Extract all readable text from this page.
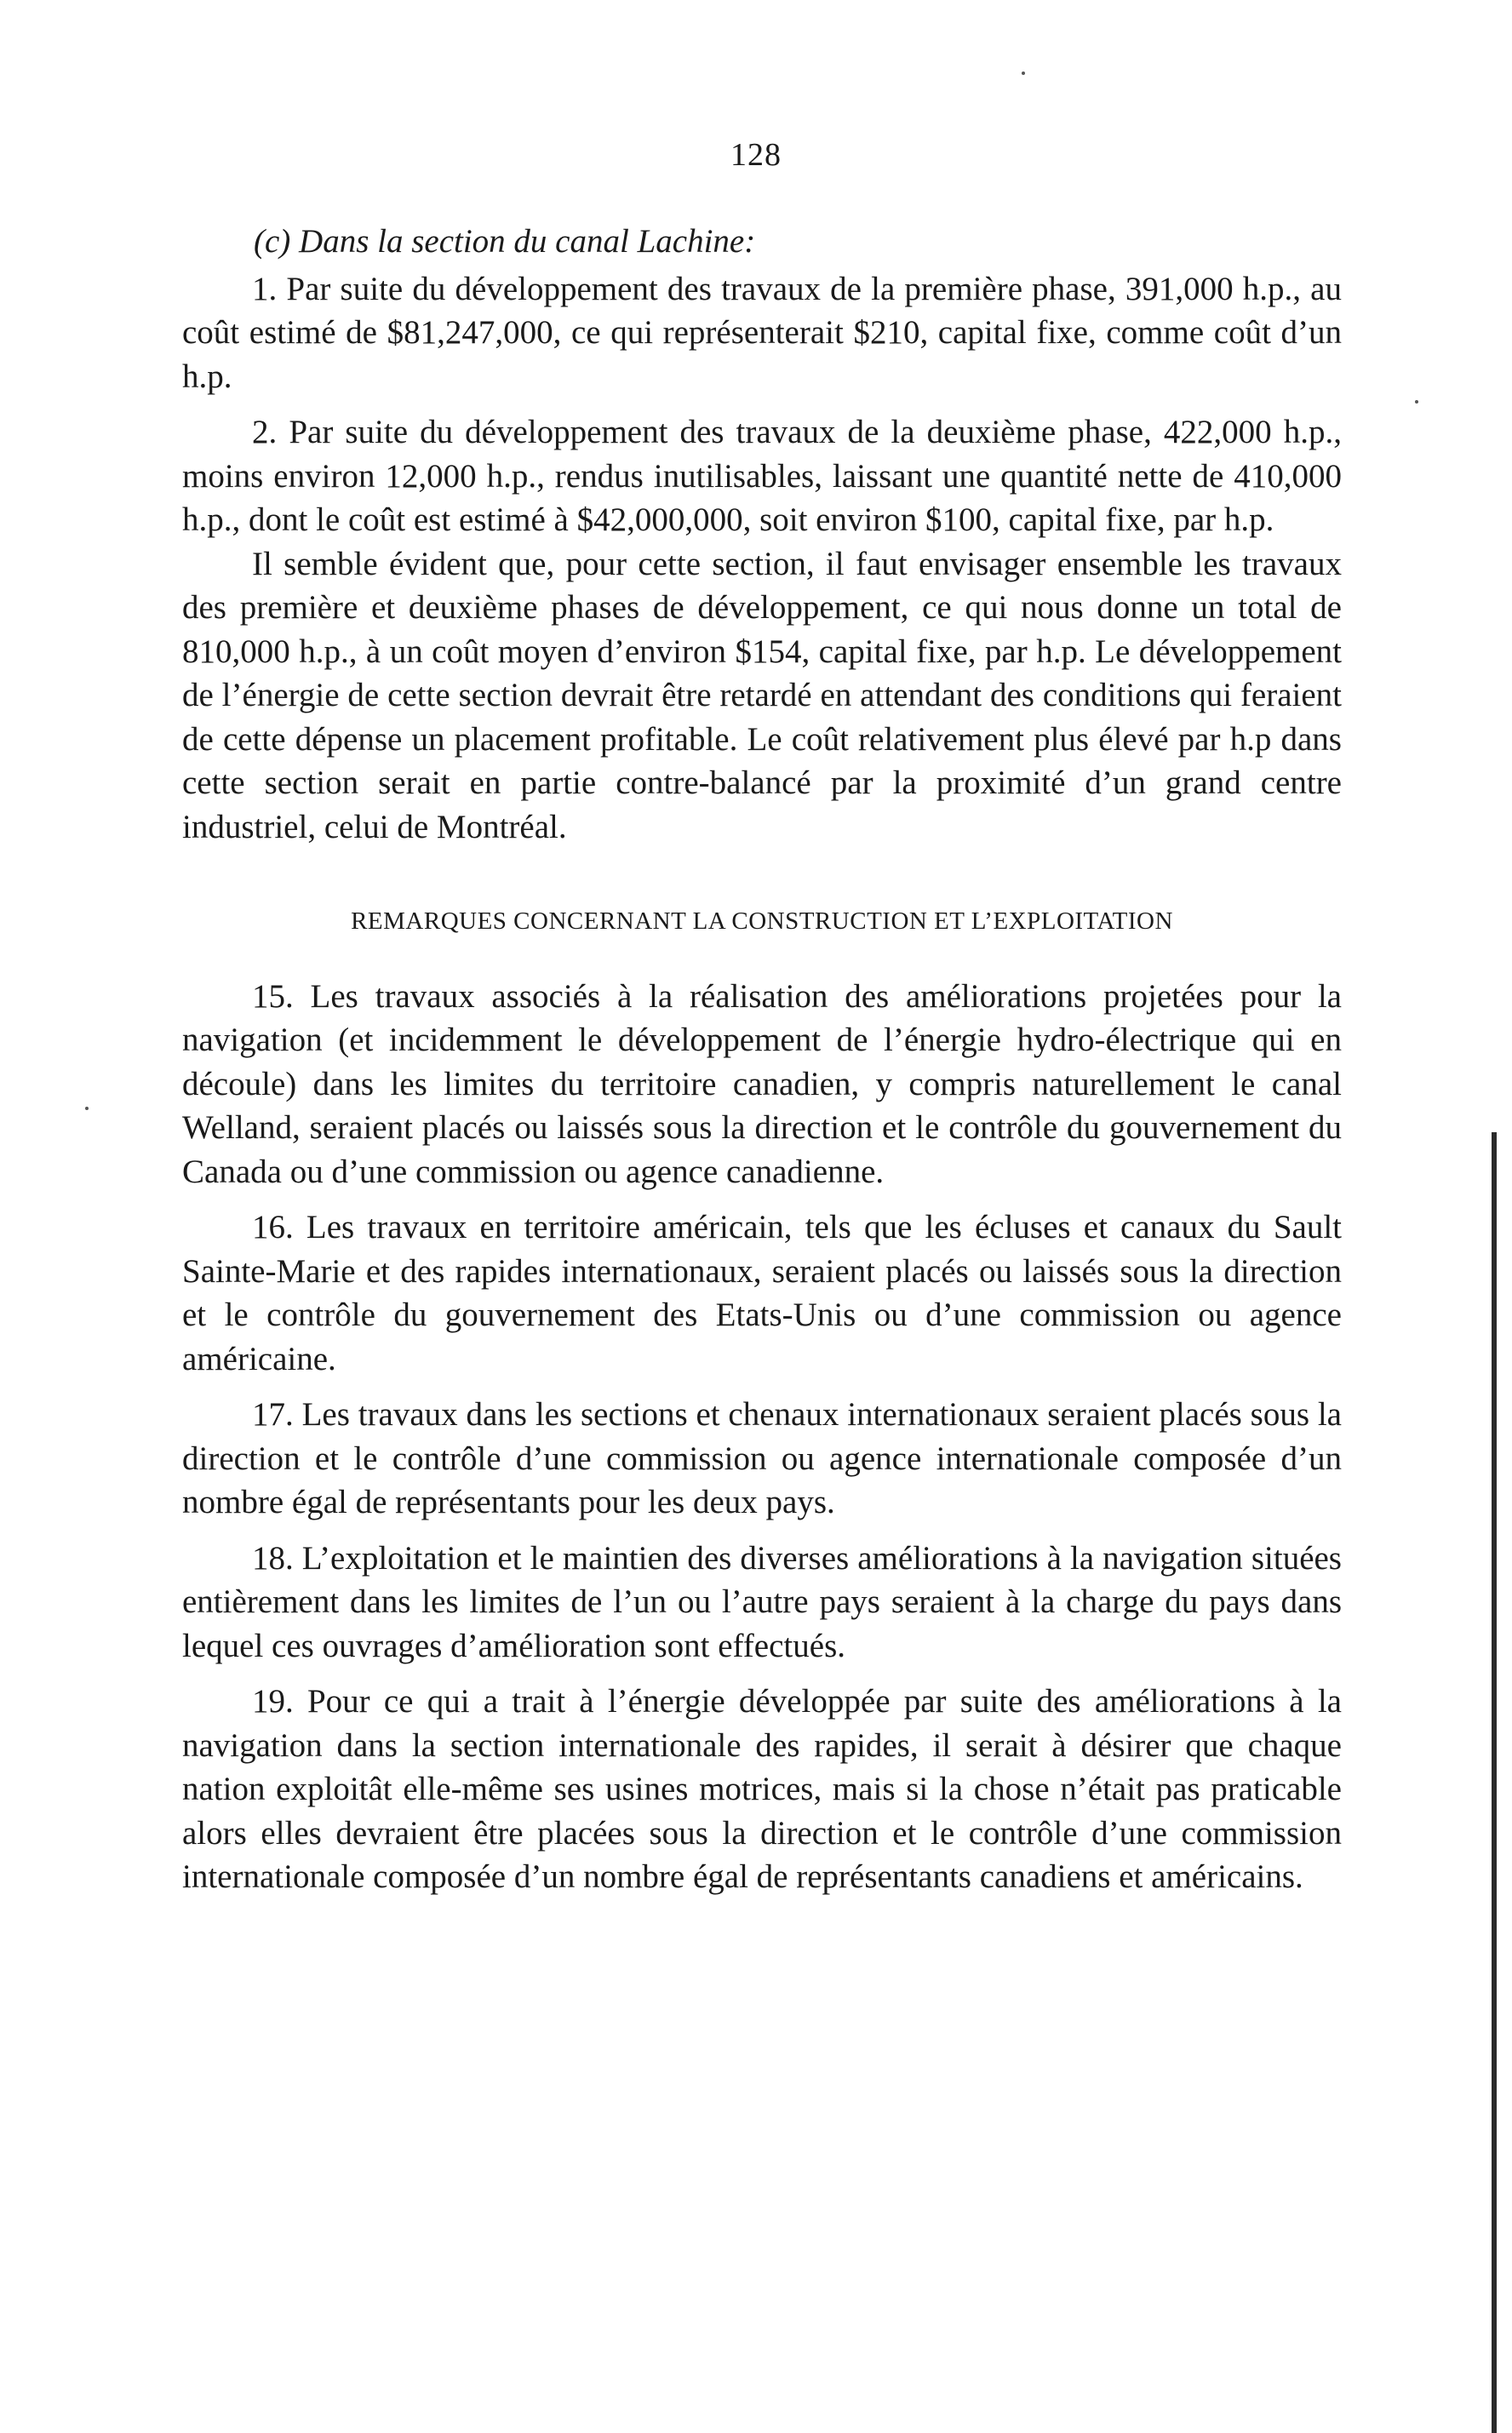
128

(c) Dans la section du canal Lachine:

1. Par suite du développement des travaux de la première phase, 391,000 h.p., au coût estimé de $81,247,000, ce qui représenterait $210, capital fixe, comme coût d’un h.p.

2. Par suite du développement des travaux de la deuxième phase, 422,000 h.p., moins environ 12,000 h.p., rendus inutilisables, laissant une quantité nette de 410,000 h.p., dont le coût est estimé à $42,000,000, soit environ $100, capital fixe, par h.p.

Il semble évident que, pour cette section, il faut envisager ensemble les travaux des première et deuxième phases de développement, ce qui nous donne un total de 810,000 h.p., à un coût moyen d’environ $154, capital fixe, par h.p. Le développement de l’énergie de cette section devrait être retardé en attendant des conditions qui feraient de cette dépense un placement profitable. Le coût relativement plus élevé par h.p dans cette section serait en partie contre-balancé par la proximité d’un grand centre industriel, celui de Montréal.

REMARQUES CONCERNANT LA CONSTRUCTION ET L’EXPLOITATION

15. Les travaux associés à la réalisation des améliorations projetées pour la navigation (et incidemment le développement de l’énergie hydro-électrique qui en découle) dans les limites du territoire canadien, y compris naturellement le canal Welland, seraient placés ou laissés sous la direction et le contrôle du gouvernement du Canada ou d’une commission ou agence canadienne.

16. Les travaux en territoire américain, tels que les écluses et canaux du Sault Sainte-Marie et des rapides internationaux, seraient placés ou laissés sous la direction et le contrôle du gouvernement des Etats-Unis ou d’une commission ou agence américaine.

17. Les travaux dans les sections et chenaux internationaux seraient placés sous la direction et le contrôle d’une commission ou agence internationale composée d’un nombre égal de représentants pour les deux pays.

18. L’exploitation et le maintien des diverses améliorations à la navigation situées entièrement dans les limites de l’un ou l’autre pays seraient à la charge du pays dans lequel ces ouvrages d’amélioration sont effectués.

19. Pour ce qui a trait à l’énergie développée par suite des améliorations à la navigation dans la section internationale des rapides, il serait à désirer que chaque nation exploitât elle-même ses usines motrices, mais si la chose n’était pas praticable alors elles devraient être placées sous la direction et le contrôle d’une commission internationale composée d’un nombre égal de représentants canadiens et américains.
